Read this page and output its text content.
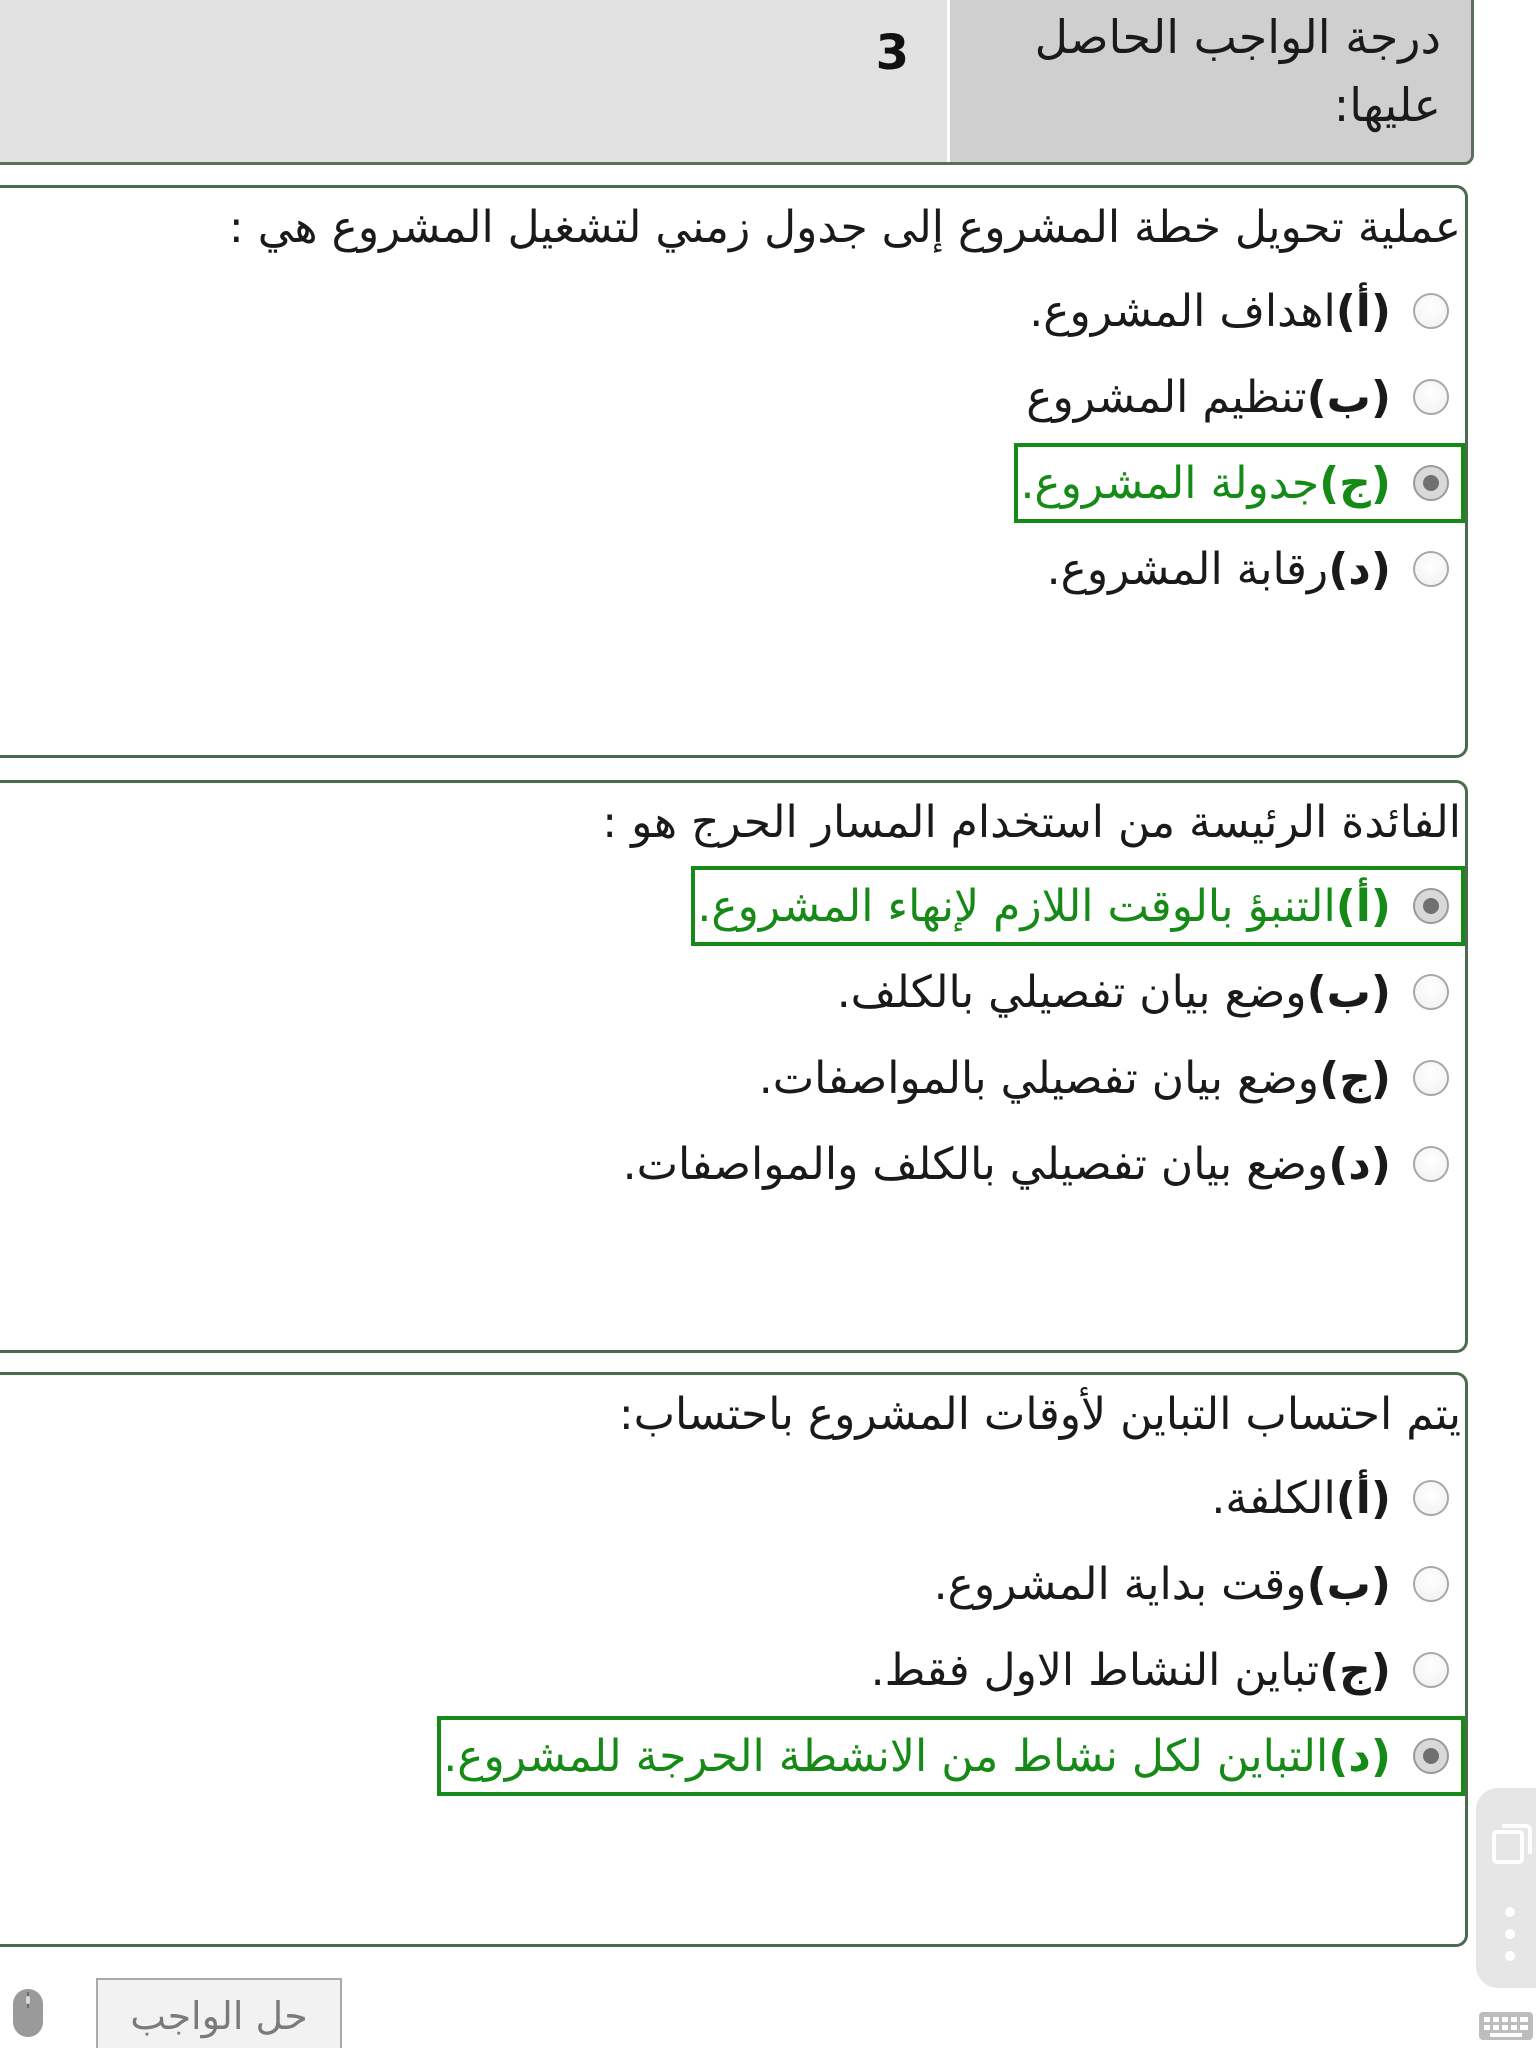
درجة الواجب الحاصل عليها:
3

عملية تحويل خطة المشروع إلى جدول زمني لتشغيل المشروع هي :

(أ)
اهداف المشروع.
(ب)
تنظيم المشروع
(ج)
جدولة المشروع.
(د)
رقابة المشروع.

الفائدة الرئيسة من استخدام المسار الحرج هو :

(أ)
التنبؤ بالوقت اللازم لإنهاء المشروع.
(ب)
وضع بيان تفصيلي بالكلف.
(ج)
وضع بيان تفصيلي بالمواصفات.
(د)
وضع بيان تفصيلي بالكلف والمواصفات.

يتم احتساب التباين لأوقات المشروع باحتساب:

(أ)
الكلفة.
(ب)
وقت بداية المشروع.
(ج)
تباين النشاط الاول فقط.
(د)
التباين لكل نشاط من الانشطة الحرجة للمشروع.
حل الواجب
